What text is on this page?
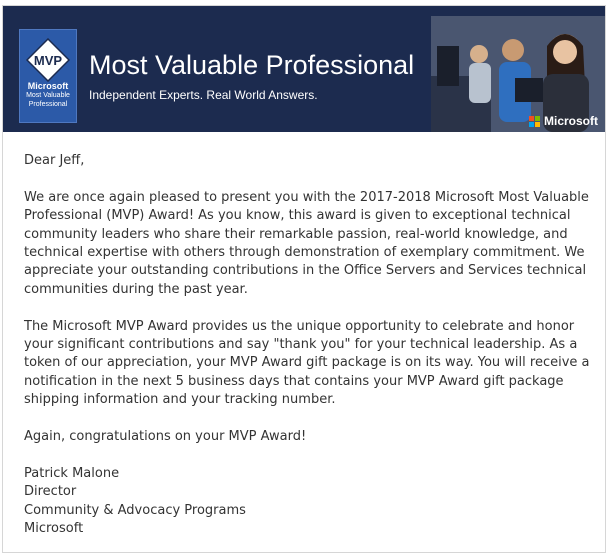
MVP
Microsoft
Most Valuable
Professional
Most Valuable Professional
Independent Experts. Real World Answers.
Microsoft

Dear Jeff,

We are once again pleased to present you with the 2017-2018 Microsoft Most Valuable Professional (MVP) Award! As you know, this award is given to exceptional technical community leaders who share their remarkable passion, real-world knowledge, and technical expertise with others through demonstration of exemplary commitment. We appreciate your outstanding contributions in the Office Servers and Services technical communities during the past year.

The Microsoft MVP Award provides us the unique opportunity to celebrate and honor your significant contributions and say "thank you" for your technical leadership. As a token of our appreciation, your MVP Award gift package is on its way. You will receive a notification in the next 5 business days that contains your MVP Award gift package shipping information and your tracking number.

Again, congratulations on your MVP Award!

Patrick Malone
Director
Community & Advocacy Programs
Microsoft
